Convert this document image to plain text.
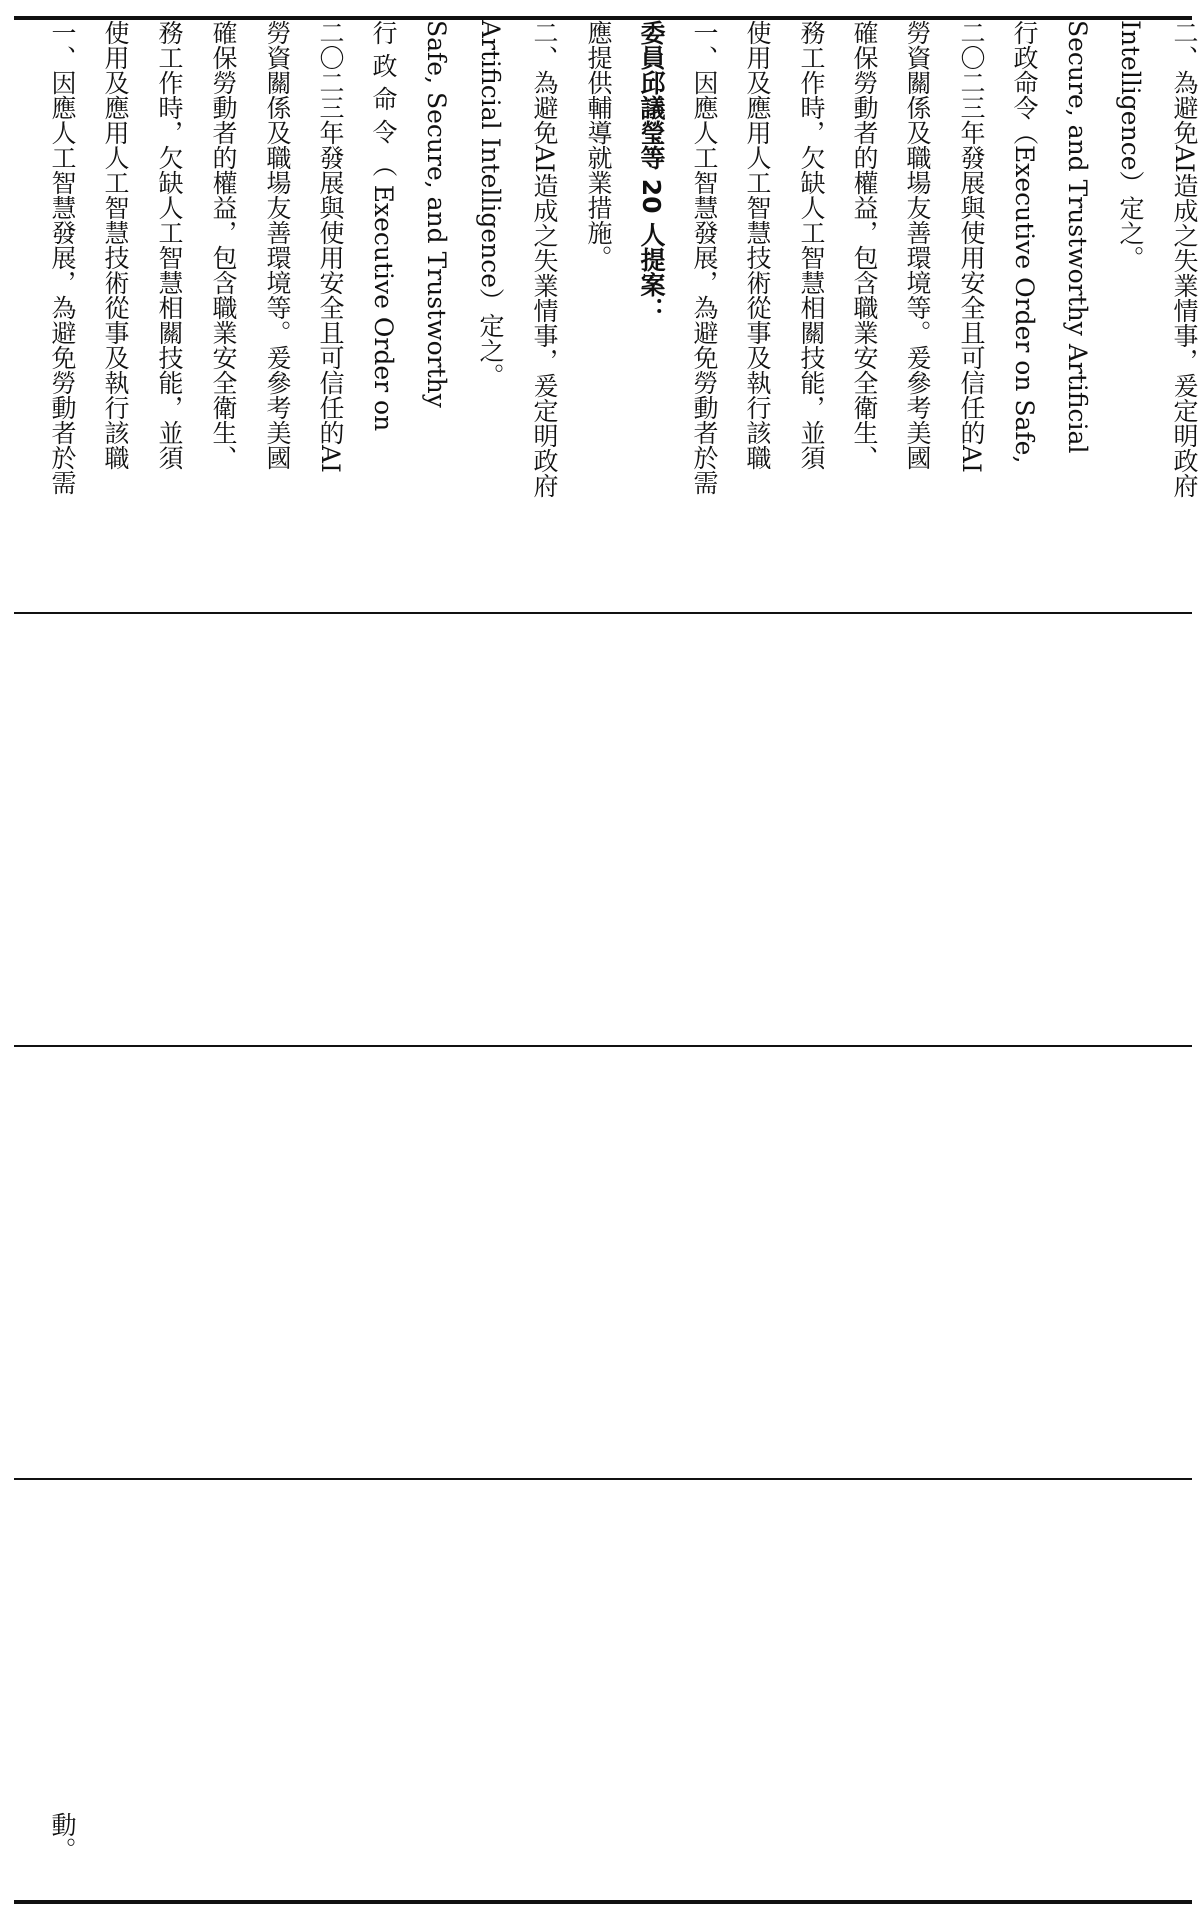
一、因應人工智慧發展，為避免勞動者於需 使用及應用人工智慧技術從事及執行該職 務工作時，欠缺人工智慧相關技能，並須 確保勞動者的權益，包含職業安全衛生、 勞資關係及職場友善環境等。爰參考美國 二〇二三年發展與使用安全且可信任的AI 行 政 命 令 （ Executive Order on Safe, Secure, and Trustworthy Artificial Intelligence）定之。 二、為避免AI造成之失業情事，爰定明政府 應提供輔導就業措施。 委員邱議瑩等 20 人提案： 一、因應人工智慧發展，為避免勞動者於需 使用及應用人工智慧技術從事及執行該職 務工作時，欠缺人工智慧相關技能，並須 確保勞動者的權益，包含職業安全衛生、 勞資關係及職場友善環境等。爰參考美國 二〇二三年發展與使用安全且可信任的AI 行政命令（Executive Order on Safe, Secure, and Trustworthy Artificial Intelligence）定之。 二、為避免AI造成之失業情事，爰定明政府
動。
